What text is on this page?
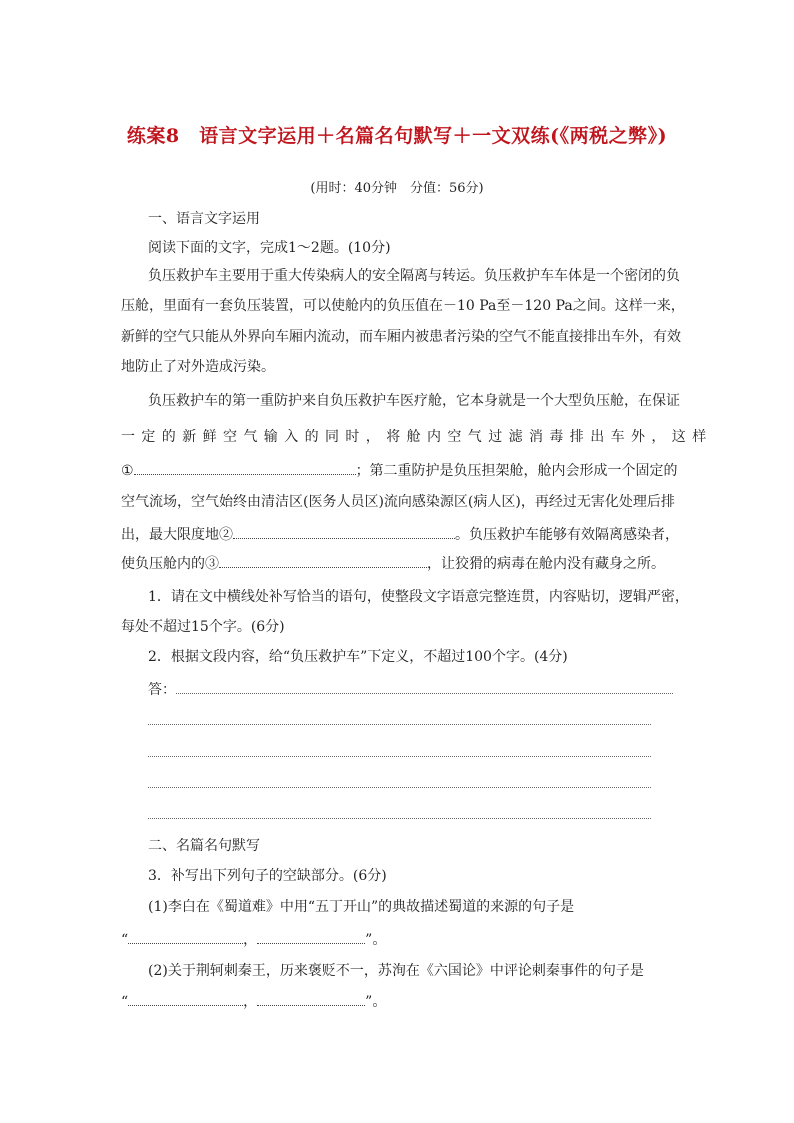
练案8　语言文字运用＋名篇名句默写＋一文双练(《两税之弊》)
(用时：40分钟　分值：56分)
一、语言文字运用
阅读下面的文字，完成1～2题。(10分)
负压救护车主要用于重大传染病人的安全隔离与转运。负压救护车车体是一个密闭的负
压舱，里面有一套负压装置，可以使舱内的负压值在－10 Pa至－120 Pa之间。这样一来，
新鲜的空气只能从外界向车厢内流动，而车厢内被患者污染的空气不能直接排出车外，有效
地防止了对外造成污染。
负压救护车的第一重防护来自负压救护车医疗舱，它本身就是一个大型负压舱，在保证
一定的新鲜空气输入的同时，将舱内空气过滤消毒排出车外，这样
①	；第二重防护是负压担架舱，舱内会形成一个固定的
空气流场，空气始终由清洁区(医务人员区)流向感染源区(病人区)，再经过无害化处理后排
出，最大限度地②	。负压救护车能够有效隔离感染者，
使负压舱内的③	，让狡猾的病毒在舱内没有藏身之所。
1．请在文中横线处补写恰当的语句，使整段文字语意完整连贯，内容贴切，逻辑严密，
每处不超过15个字。(6分)
2．根据文段内容，给“负压救护车”下定义，不超过100个字。(4分)
答：
二、名篇名句默写
3．补写出下列句子的空缺部分。(6分)
(1)李白在《蜀道难》中用“五丁开山”的典故描述蜀道的来源的句子是
“	，	”。
(2)关于荆轲刺秦王，历来褒贬不一，苏洵在《六国论》中评论刺秦事件的句子是
“	，	”。
